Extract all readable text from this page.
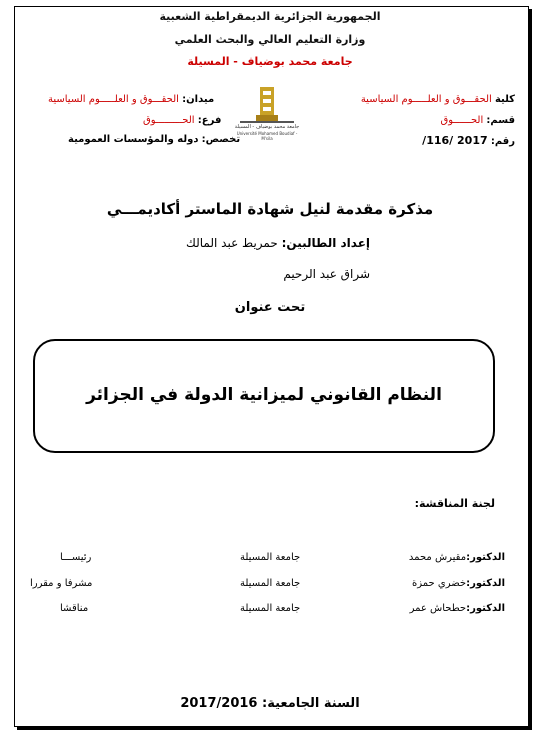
الجمهورية الجزائرية الديمقراطية الشعبية
وزارة التعليم العالي والبحث العلمي
جامعة محمد بوضياف - المسيلة
كلية الحقـــوق و العلـــــوم السياسية
قسم: الحــــــوق
رقم: 2017 /116/
ميدان: الحقـــوق و العلـــــوم السياسية
فرع: الحـــــــــوق
تخصص: دوله والمؤسسات العمومية
جامعة محمد بوضياف - المسيلة
Université Mohamed Boudiaf - M'sila
مذكرة مقدمة لنيل شهادة الماستر أكاديمـــي
إعداد الطالبين: حمريط عبد المالك
شراق عبد الرحيم
تحت عنوان
النظام القانوني لميزانية الدولة في الجزائر
لجنة المناقشة:
الدكتور:مقيرش محمد
جامعة المسيلة
رئيســـا
الدكتور:خضري حمزة
جامعة المسيلة
مشرفا و مقررا
الدكتور:حطحاش عمر
جامعة المسيلة
مناقشا
السنة الجامعية: 2017/2016
